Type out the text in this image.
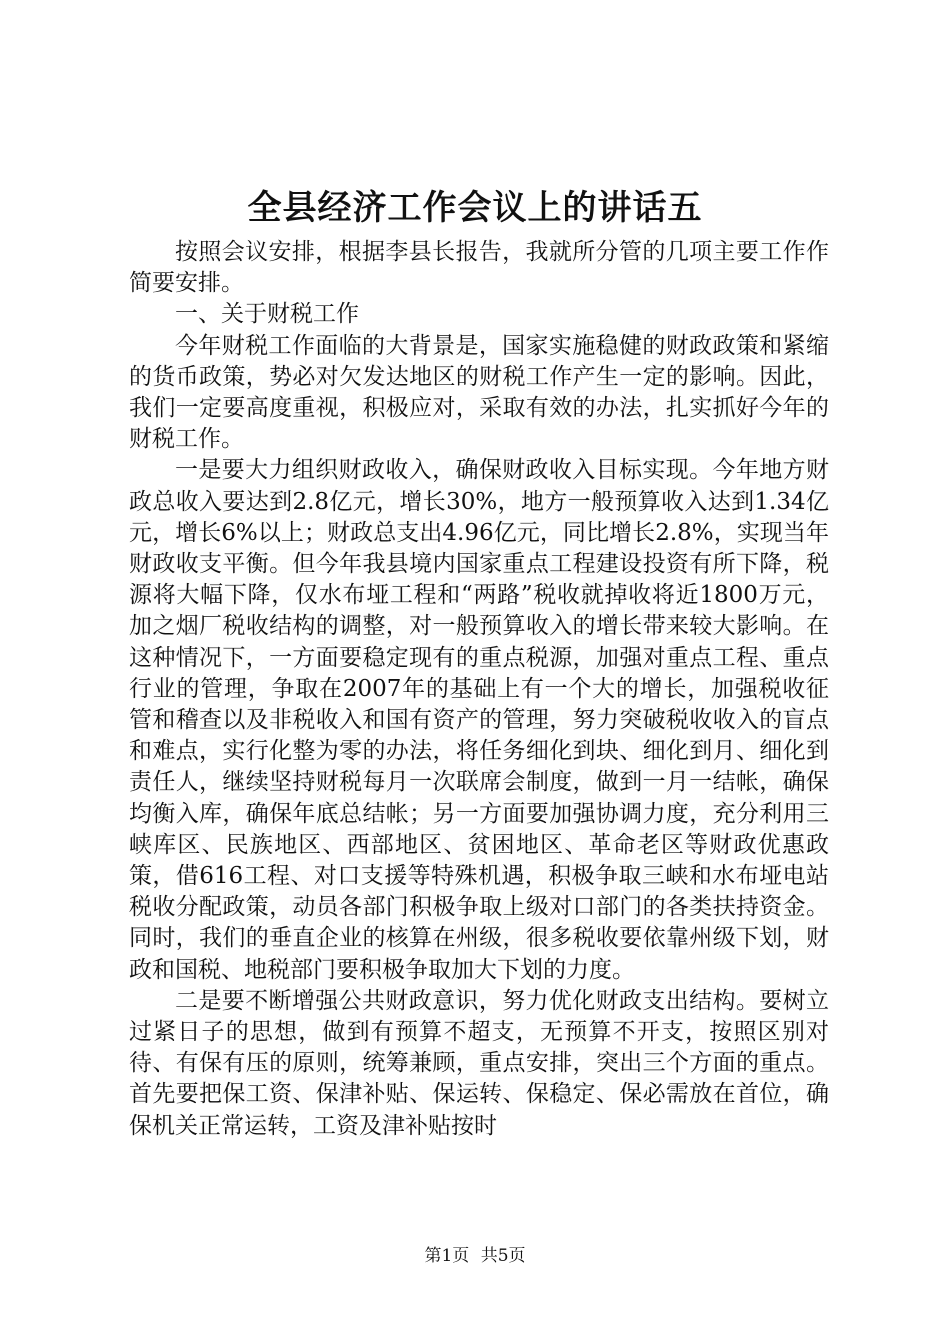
全县经济工作会议上的讲话五

按照会议安排，根据李县长报告，我就所分管的几项主要工作作简要安排。

一、关于财税工作

今年财税工作面临的大背景是，国家实施稳健的财政政策和紧缩的货币政策，势必对欠发达地区的财税工作产生一定的影响。因此，我们一定要高度重视，积极应对，采取有效的办法，扎实抓好今年的财税工作。

一是要大力组织财政收入，确保财政收入目标实现。今年地方财政总收入要达到2.8亿元，增长30%，地方一般预算收入达到1.34亿元，增长6%以上；财政总支出4.96亿元，同比增长2.8%，实现当年财政收支平衡。但今年我县境内国家重点工程建设投资有所下降，税源将大幅下降，仅水布垭工程和“两路”税收就掉收将近1800万元，加之烟厂税收结构的调整，对一般预算收入的增长带来较大影响。在这种情况下，一方面要稳定现有的重点税源，加强对重点工程、重点行业的管理，争取在2007年的基础上有一个大的增长，加强税收征管和稽查以及非税收入和国有资产的管理，努力突破税收收入的盲点和难点，实行化整为零的办法，将任务细化到块、细化到月、细化到责任人，继续坚持财税每月一次联席会制度，做到一月一结帐，确保均衡入库，确保年底总结帐；另一方面要加强协调力度，充分利用三峡库区、民族地区、西部地区、贫困地区、革命老区等财政优惠政策，借616工程、对口支援等特殊机遇，积极争取三峡和水布垭电站税收分配政策，动员各部门积极争取上级对口部门的各类扶持资金。同时，我们的垂直企业的核算在州级，很多税收要依靠州级下划，财政和国税、地税部门要积极争取加大下划的力度。

二是要不断增强公共财政意识，努力优化财政支出结构。要树立过紧日子的思想，做到有预算不超支，无预算不开支，按照区别对待、有保有压的原则，统筹兼顾，重点安排，突出三个方面的重点。首先要把保工资、保津补贴、保运转、保稳定、保必需放在首位，确保机关正常运转，工资及津补贴按时

第1页 共5页
